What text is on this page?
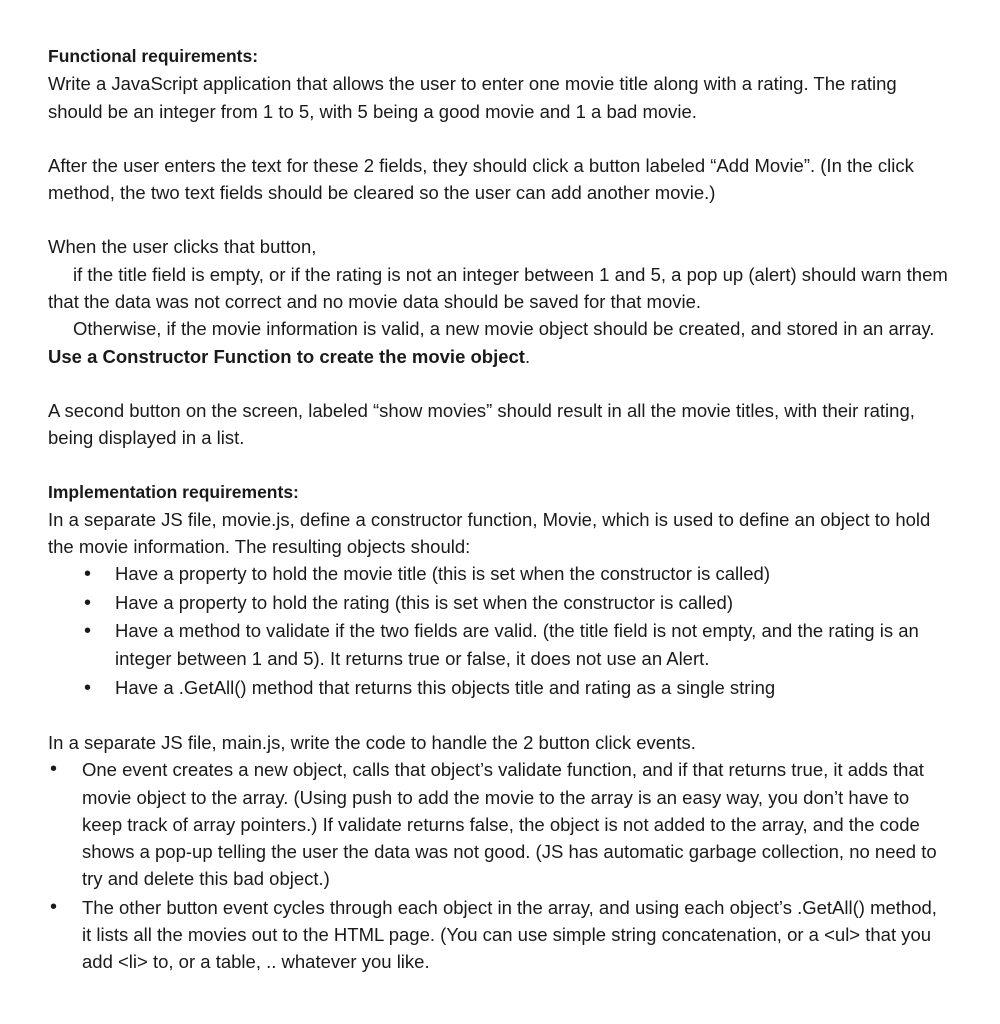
Functional requirements:

Write a JavaScript application that allows the user to enter one movie title along with a rating. The rating should be an integer from 1 to 5, with 5 being a good movie and 1 a bad movie.

After the user enters the text for these 2 fields, they should click a button labeled “Add Movie”. (In the click method, the two text fields should be cleared so the user can add another movie.)

When the user clicks that button,

if the title field is empty, or if the rating is not an integer between 1 and 5, a pop up (alert) should warn them that the data was not correct and no movie data should be saved for that movie.

Otherwise, if the movie information is valid, a new movie object should be created, and stored in an array. Use a Constructor Function to create the movie object.

A second button on the screen, labeled “show movies” should result in all the movie titles, with their rating, being displayed in a list.

Implementation requirements:

In a separate JS file, movie.js, define a constructor function, Movie, which is used to define an object to hold the movie information. The resulting objects should:

• Have a property to hold the movie title (this is set when the constructor is called)
• Have a property to hold the rating (this is set when the constructor is called)
• Have a method to validate if the two fields are valid. (the title field is not empty, and the rating is an integer between 1 and 5). It returns true or false, it does not use an Alert.
• Have a .GetAll() method that returns this objects title and rating as a single string

In a separate JS file, main.js, write the code to handle the 2 button click events.

• One event creates a new object, calls that object’s validate function, and if that returns true, it adds that movie object to the array. (Using push to add the movie to the array is an easy way, you don’t have to keep track of array pointers.) If validate returns false, the object is not added to the array, and the code shows a pop-up telling the user the data was not good. (JS has automatic garbage collection, no need to try and delete this bad object.)
• The other button event cycles through each object in the array, and using each object’s .GetAll() method, it lists all the movies out to the HTML page. (You can use simple string concatenation, or a <ul> that you add <li> to, or a table, .. whatever you like.
